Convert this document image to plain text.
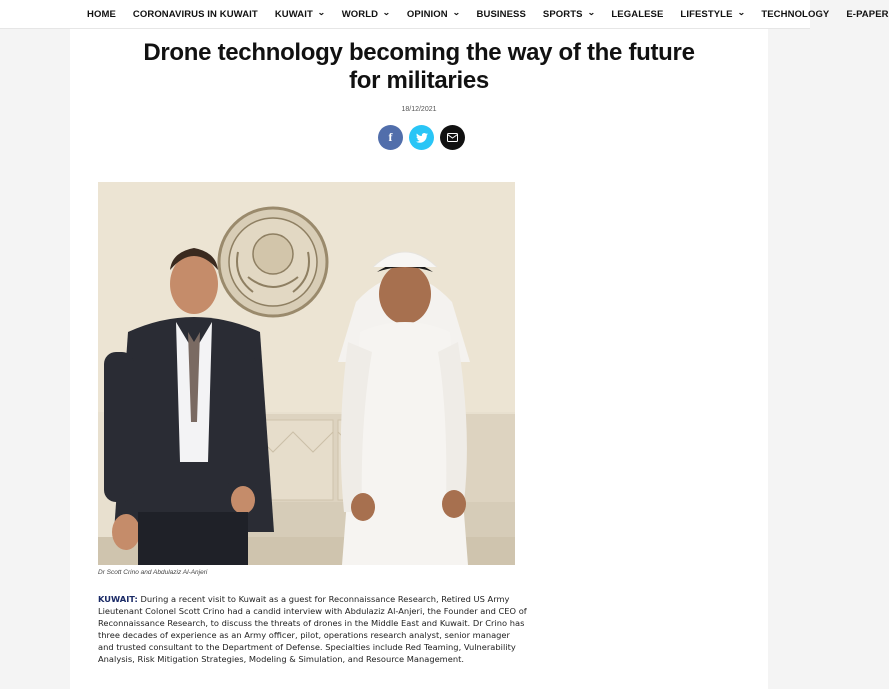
HOME CORONAVIRUS IN KUWAIT KUWAIT ⌄ WORLD ⌄ OPINION ⌄ BUSINESS SPORTS ⌄ LEGALESE LIFESTYLE ⌄ TECHNOLOGY E-PAPER
Drone technology becoming the way of the future
for militaries
18/12/2021
f
Dr Scott Crino and Abdulaziz Al-Anjeri

KUWAIT: During a recent visit to Kuwait as a guest for Reconnaissance Research, Retired US Army Lieutenant Colonel Scott Crino had a candid interview with Abdulaziz Al-Anjeri, the Founder and CEO of Reconnaissance Research, to discuss the threats of drones in the Middle East and Kuwait. Dr Crino has three decades of experience as an Army officer, pilot, operations research analyst, senior manager and trusted consultant to the Department of Defense. Specialties include Red Teaming, Vulnerability Analysis, Risk Mitigation Strategies, Modeling & Simulation, and Resource Management.
